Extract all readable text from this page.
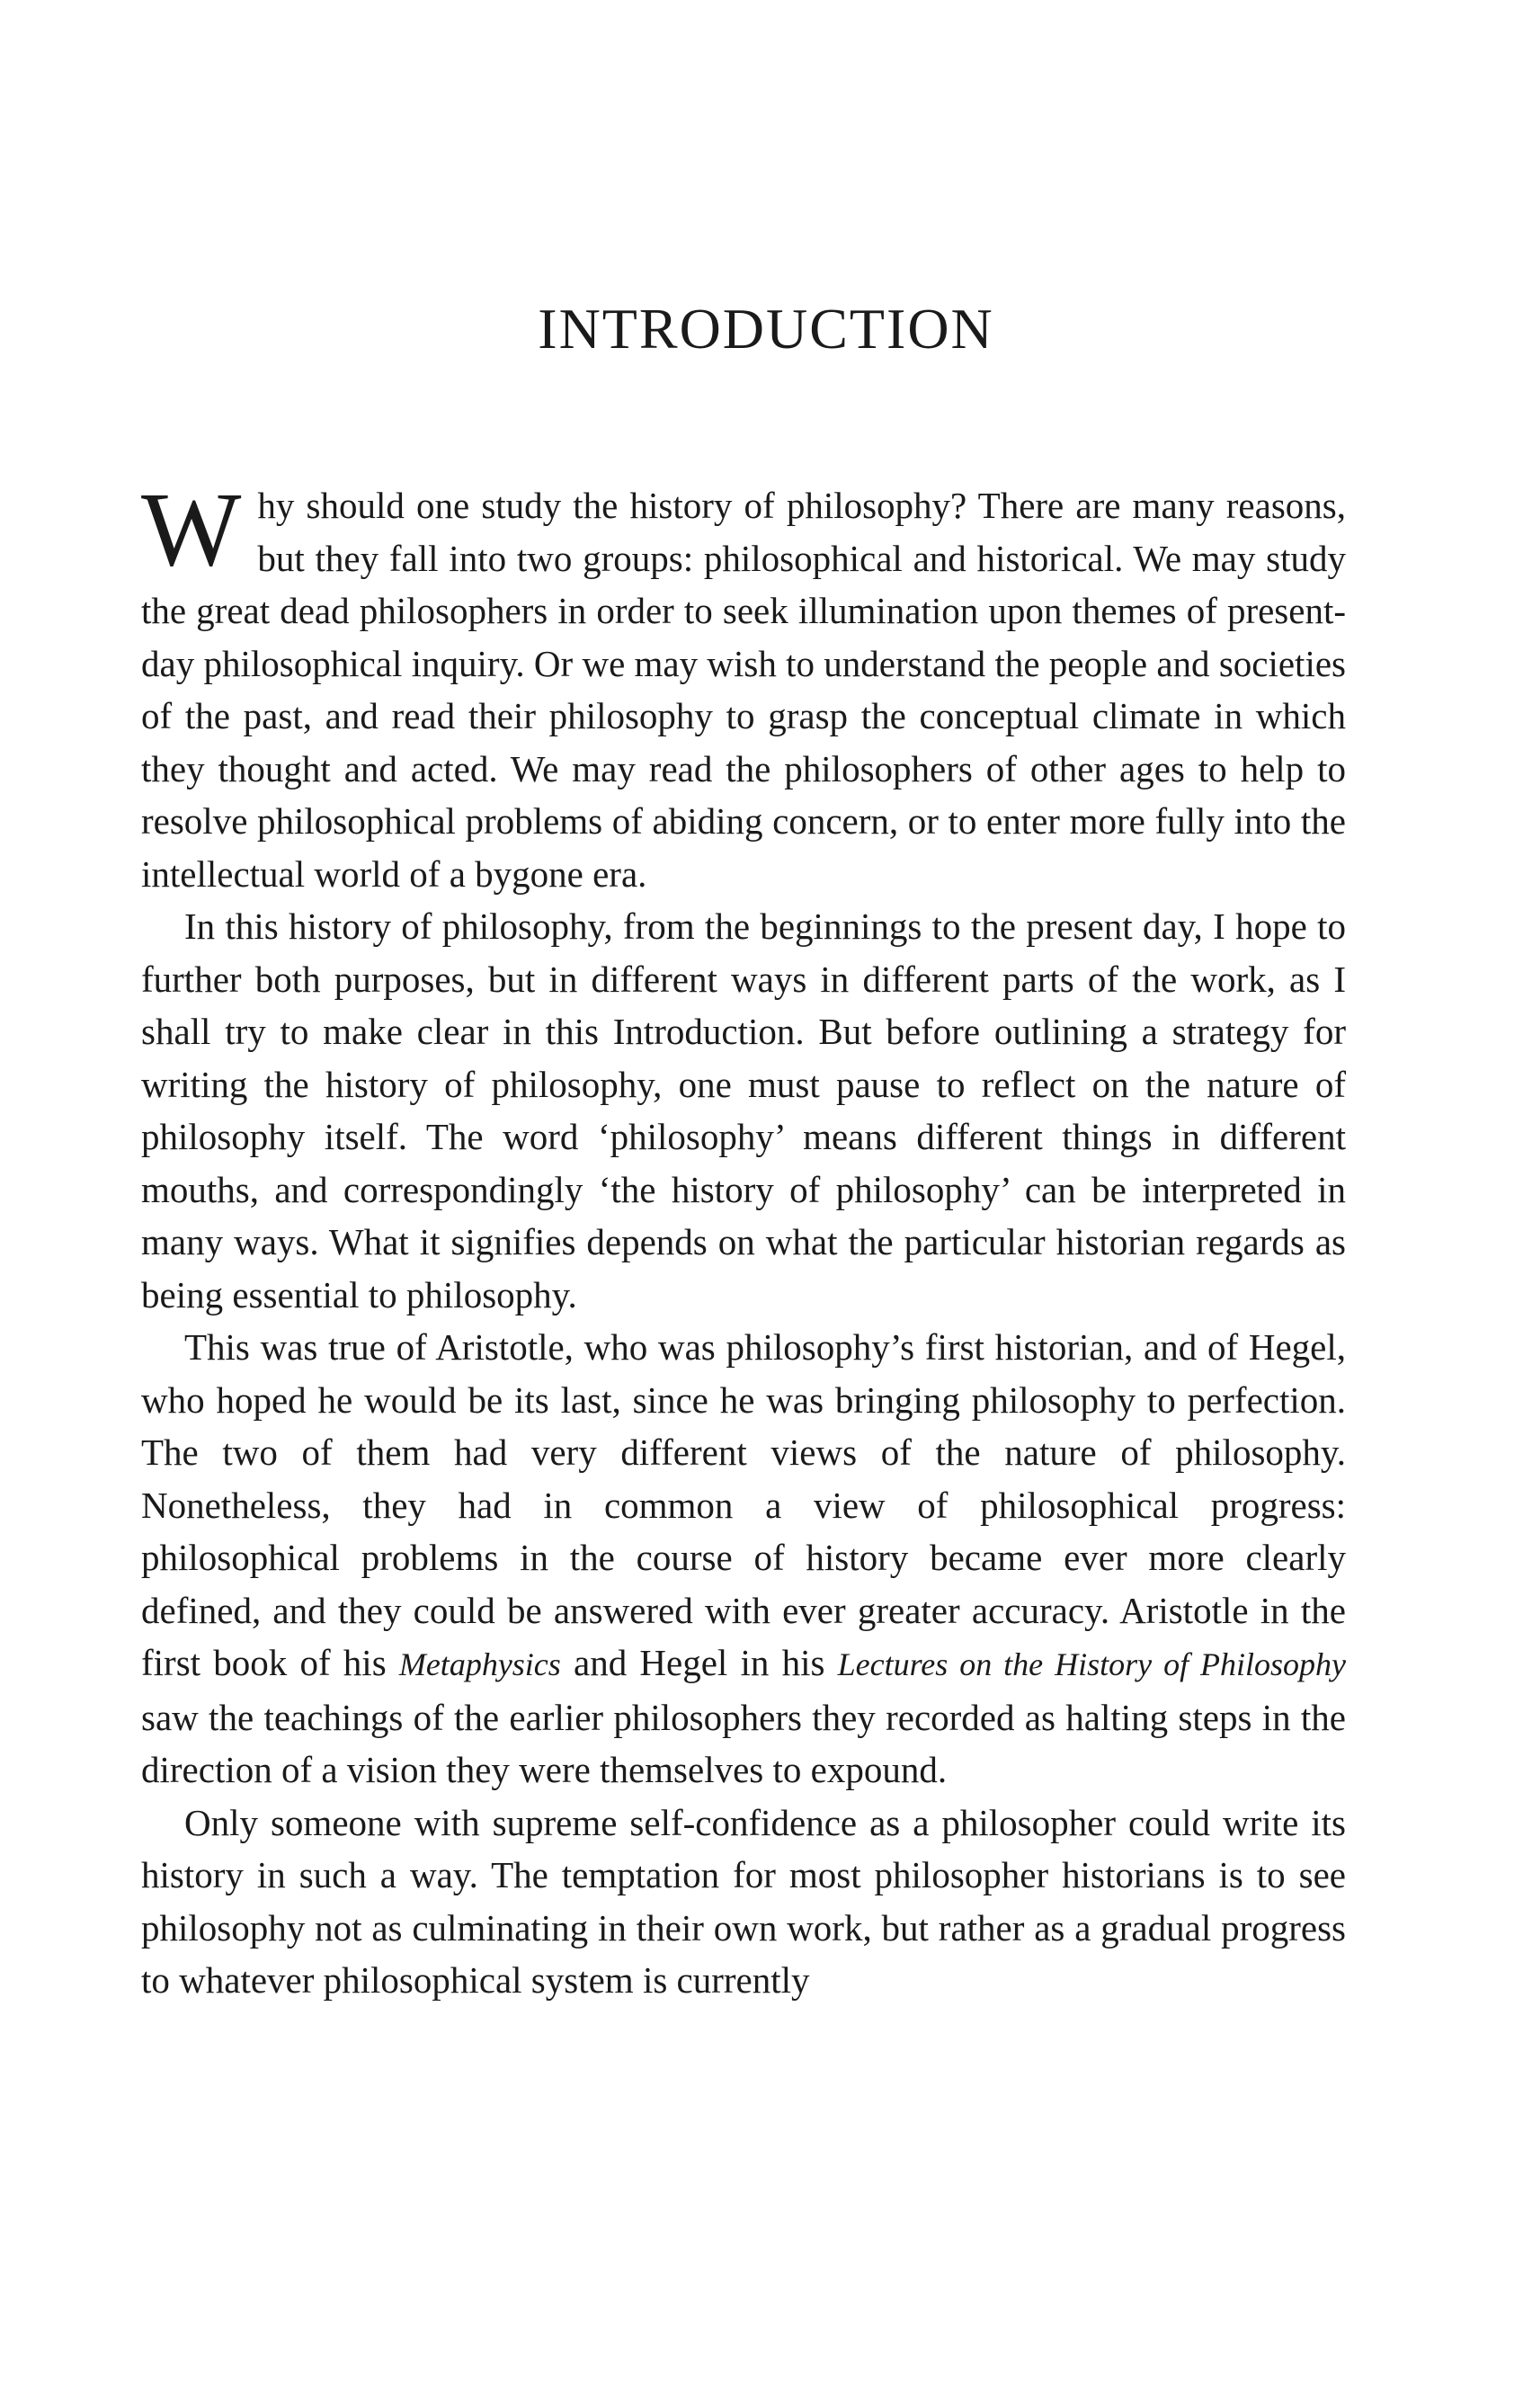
INTRODUCTION

Why should one study the history of philosophy? There are many reasons, but they fall into two groups: philosophical and historical. We may study the great dead philosophers in order to seek illumination upon themes of present-day philosophical inquiry. Or we may wish to understand the people and societies of the past, and read their philosophy to grasp the conceptual climate in which they thought and acted. We may read the philosophers of other ages to help to resolve philosophical problems of abiding concern, or to enter more fully into the intellectual world of a bygone era.

In this history of philosophy, from the beginnings to the present day, I hope to further both purposes, but in different ways in different parts of the work, as I shall try to make clear in this Introduction. But before outlining a strategy for writing the history of philosophy, one must pause to reflect on the nature of philosophy itself. The word ‘philosophy’ means different things in different mouths, and correspondingly ‘the history of philosophy’ can be interpreted in many ways. What it signifies depends on what the particular historian regards as being essential to philosophy.

This was true of Aristotle, who was philosophy’s first historian, and of Hegel, who hoped he would be its last, since he was bringing philosophy to perfection. The two of them had very different views of the nature of philosophy. Nonetheless, they had in common a view of philosophical progress: philosophical problems in the course of history became ever more clearly defined, and they could be answered with ever greater accuracy. Aristotle in the first book of his Metaphysics and Hegel in his Lectures on the History of Philosophy saw the teachings of the earlier philosophers they recorded as halting steps in the direction of a vision they were themselves to expound.

Only someone with supreme self-confidence as a philosopher could write its history in such a way. The temptation for most philosopher historians is to see philosophy not as culminating in their own work, but rather as a gradual progress to whatever philosophical system is currently
